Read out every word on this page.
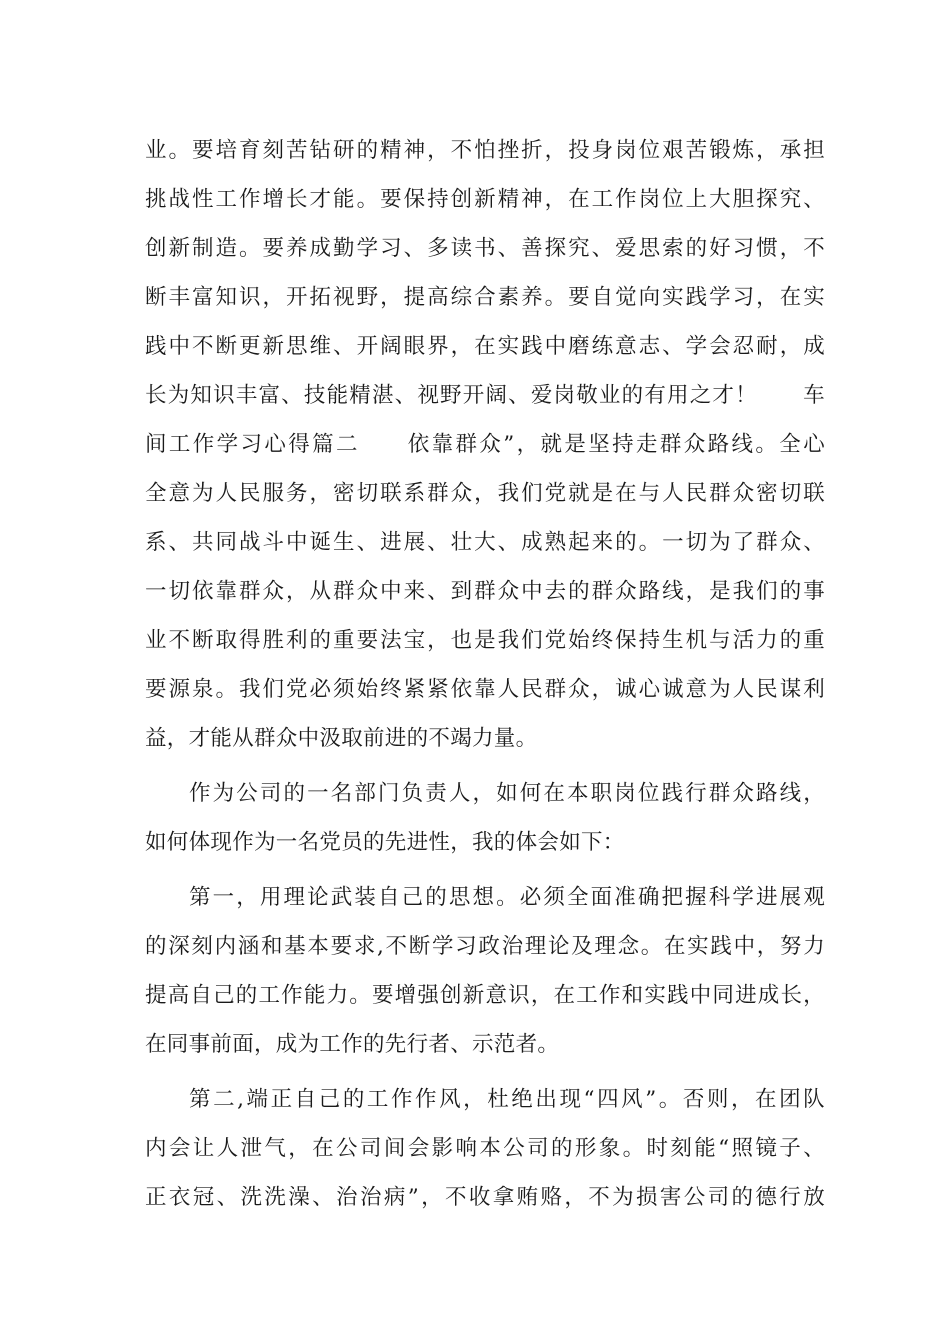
业。要培育刻苦钻研的精神，不怕挫折，投身岗位艰苦锻炼，承担
挑战性工作增长才能。要保持创新精神，在工作岗位上大胆探究、
创新制造。要养成勤学习、多读书、善探究、爱思索的好习惯，不
断丰富知识，开拓视野，提高综合素养。要自觉向实践学习，在实
践中不断更新思维、开阔眼界，在实践中磨练意志、学会忍耐，成
长为知识丰富、技能精湛、视野开阔、爱岗敬业的有用之才！　　车
间工作学习心得篇二　　依靠群众”，就是坚持走群众路线。全心
全意为人民服务，密切联系群众，我们党就是在与人民群众密切联
系、共同战斗中诞生、进展、壮大、成熟起来的。一切为了群众、
一切依靠群众，从群众中来、到群众中去的群众路线，是我们的事
业不断取得胜利的重要法宝，也是我们党始终保持生机与活力的重
要源泉。我们党必须始终紧紧依靠人民群众，诚心诚意为人民谋利
益，才能从群众中汲取前进的不竭力量。
作为公司的一名部门负责人，如何在本职岗位践行群众路线，
如何体现作为一名党员的先进性，我的体会如下：
第一，用理论武装自己的思想。必须全面准确把握科学进展观
的深刻内涵和基本要求,不断学习政治理论及理念。在实践中，努力
提高自己的工作能力。要增强创新意识，在工作和实践中同进成长，
在同事前面，成为工作的先行者、示范者。
第二,端正自己的工作作风，杜绝出现“四风”。否则，在团队
内会让人泄气，在公司间会影响本公司的形象。时刻能“照镜子、
正衣冠、洗洗澡、治治病”，不收拿贿赂，不为损害公司的德行放
